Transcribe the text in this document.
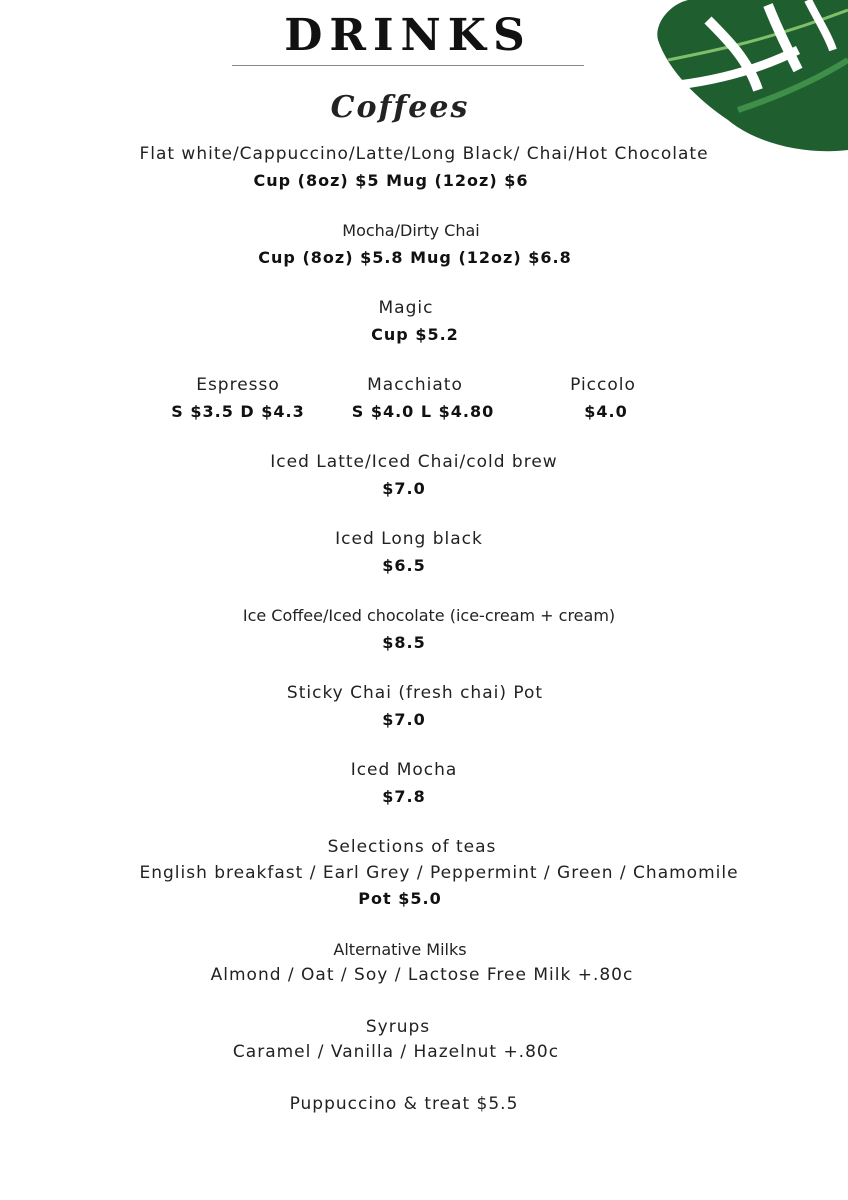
DRINKS
Coffees
Flat white/Cappuccino/Latte/Long Black/ Chai/Hot Chocolate
Cup (8oz) $5 Mug (12oz) $6
Mocha/Dirty Chai
Cup (8oz) $5.8 Mug (12oz) $6.8
Magic
Cup $5.2
Espresso
S $3.5 D $4.3
Macchiato
S $4.0 L $4.80
Piccolo
$4.0
Iced Latte/Iced Chai/cold brew
$7.0
Iced Long black
$6.5
Ice Coffee/Iced chocolate (ice-cream + cream)
$8.5
Sticky Chai (fresh chai) Pot
$7.0
Iced Mocha
$7.8
Selections of teas
English breakfast / Earl Grey / Peppermint / Green / Chamomile
Pot $5.0
Alternative Milks
Almond / Oat / Soy / Lactose Free Milk +.80c
Syrups
Caramel / Vanilla / Hazelnut +.80c
Puppuccino & treat $5.5
